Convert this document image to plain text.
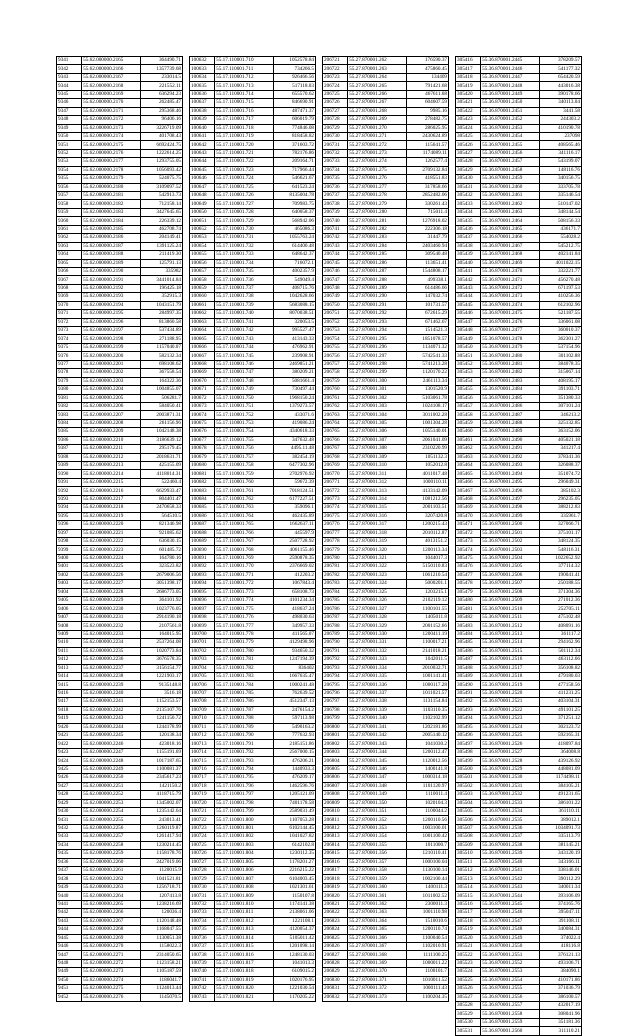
9341	55.62.000000.2165	364490.71
9342	55.62.000000.2166	1357739.68
9343	55.62.000000.2167	233014.5
9344	55.62.000000.2168	221552.11
9345	55.62.000000.2169	636294.23
9346	55.62.000000.2170	262485.47
9347	55.62.000000.2171	295368.46
9348	55.62.000000.2172	96406.16
9349	55.62.000000.2173	3226719.09
9350	55.62.000000.2174	401708.43
9351	55.62.000000.2175	6692424.75
9352	55.62.000000.2176	1222614.25
9353	55.62.000000.2177	1293755.05
9354	55.62.000000.2178	1056093.42
9355	55.62.000000.2179	524075.75
9356	55.62.000000.2180	3109097.52
9357	55.62.000000.2181	542913.73
9358	55.62.000000.2182	712158.14
9359	55.62.000000.2183	3427645.65
9360	55.62.000000.2184	226339.12
9361	55.62.000000.2185	462708.74
9362	55.62.000000.2186	204149.41
9363	55.62.000000.2187	1391125.24
9364	55.62.000000.2188	211419.30
9365	55.62.000000.2189	125791.13
9366	55.62.000000.2190	335982
9367	55.62.000000.2191	3441014.84
9368	55.62.000000.2192	196425.18
9369	55.62.000000.2193	352915.3
9370	55.62.000000.2194	1043151.79
9371	55.62.000000.2195	284997.35
9372	55.62.000000.2196	813860.58
9373	55.62.000000.2197	537434.89
9374	55.62.000000.2198	271188.95
9375	55.62.000000.2199	1157040.07
9376	55.62.000000.2200	582132.34
9377	55.62.000000.2201	698108.62
9378	55.62.000000.2202	367558.54
9379	55.62.000000.2203	164322.36
9380	55.62.000000.2204	1004855.07
9381	55.62.000000.2205	506281.7
9382	55.62.000000.2206	584050.41
9383	55.62.000000.2207	2003871.31
9384	55.62.000000.2208	261156.96
9385	55.62.000000.2209	1042148.38
9386	55.62.000000.2210	3186639.12
9387	55.62.000000.2211	295179.45
9388	55.62.000000.2212	2018631.71
9389	55.62.000000.2213	425155.09
9390	55.62.000000.2214	4118014.31
9391	55.62.000000.2215	522460.4
9392	55.62.000000.2216	6629933.47
9393	55.62.000000.2217	804401.47
9394	55.62.000000.2218	2470658.33
9395	55.62.000000.2219	564510.5
9396	55.62.000000.2220	821346.98
9397	55.62.000000.2221	921085.62
9398	55.62.000000.2222	636030.15
9399	55.62.000000.2223	601485.72
9400	55.62.000000.2224	164780.16
9401	55.62.000000.2225	323523.82
9402	55.62.000000.2226	2679006.56
9403	55.62.000000.2227	3051398.17
9404	55.62.000000.2228	2686773.05
9405	55.62.000000.2229	364101.92
9406	55.62.000000.2230	1023776.05
9407	55.62.000000.2231	2914190.18
9408	55.62.000000.2232	2107561.8
9409	55.62.000000.2233	164015.95
9410	55.62.000000.2234	2537264.08
9411	55.62.000000.2235	1020773.84
9412	55.62.000000.2236	3676578.35
9413	55.62.000000.2237	3156154.77
9414	55.62.000000.2238	1221903.17
9415	55.62.000000.2239	9135148.8
9416	55.62.000000.2240	3516.18
9417	55.62.000000.2241	1152153.57
9418	55.62.000000.2242	2135107.76
9419	55.62.000000.2243	1241150.72
9420	55.62.000000.2244	1244178.99
9421	55.62.000000.2245	120138.34
9422	55.62.000000.2246	423018.16
9423	55.62.000000.2247	1155191.69
9424	55.62.000000.2248	1017187.65
9425	55.62.000000.2249	1100081.37
9426	55.62.000000.2250	2345617.23
9427	55.62.000000.2251	1421150.2
9428	55.62.000000.2252	4118715.79
9429	55.62.000000.2253	1345002.07
9430	55.62.000000.2254	1235142.64
9431	55.62.000000.2255	243013.41
9432	55.62.000000.2256	1260119.87
9433	55.62.000000.2257	1261417.94
9434	55.62.000000.2258	1230214.45
9435	55.62.000000.2259	1158178.76
9436	55.62.000000.2260	2427019.06
9437	55.62.000000.2261	1120015.9
9438	55.62.000000.2262	1041521.81
9439	55.62.000000.2263	1256718.71
9440	55.62.000000.2264	1207413.8
9441	55.62.000000.2265	1238216.69
9442	55.62.000000.2266	120036.4
9443	55.62.000000.2267	1120148.48
9444	55.62.000000.2268	1168047.55
9445	55.62.000000.2269	1130051.38
9446	55.62.000000.2270	1158022.3
9447	55.62.000000.2271	2314050.65
9448	55.62.000000.2272	1123158.21
9449	55.62.000000.2273	1105187.59
9450	55.62.000000.2274	1186041.7
9451	55.62.000000.2275	1124013.44
9452	55.62.000000.2276	1145070.5
100632	55.17.110001.710	1052578.84
100633	55.17.110001.711	734266.5
100634	55.17.110001.712	926466.56
100635	55.17.110001.713	517118.03
100636	55.17.110001.714	655570.62
100637	55.17.110001.715	846690.91
100638	55.17.110001.716	487471.37
100639	55.17.110001.717	606019.79
100640	55.17.110001.718	774846.08
100641	55.17.110001.719	818458.82
100642	55.17.110001.720	371603.72
100643	55.17.110001.721	782176.86
100644	55.17.110001.722	209164.71
100645	55.17.110001.723	717966.44
100646	55.17.110001.724	546621.67
100647	55.17.110001.725	641523.24
100648	55.17.110001.726	8135004.78
100649	55.17.110001.727	709983.75
100650	55.17.110001.728	640058.37
100651	55.17.110001.729	568942.06
100652	55.17.110001.730	465086.3
100653	55.17.110001.731	1055763.24
100654	55.17.110001.732	614400.48
100655	55.17.110001.733	648642.37
100656	55.17.110001.734	716072.1
100657	55.17.110001.735	4002357.9
100658	55.17.110001.736	549049.4
100659	55.17.110001.737	408715.76
100660	55.17.110001.738	1042628.66
100661	55.17.110001.739	5683088.15
100662	55.17.110001.740	8070038.51
100663	55.17.110001.741	320053.5
100664	55.17.110001.742	995527.47
100665	55.17.110001.743	413143.33
100666	55.17.110001.744	476962.91
100667	55.17.110001.745	239908.91
100668	55.17.110001.746	2469851.21
100669	55.17.110001.747	380209.21
100670	55.17.110001.748	5081661.4
100671	55.17.110001.749	730497.44
100672	55.17.110001.750	1968150.24
100673	55.17.110001.751	1379273.57
100674	55.17.110001.752	433071.6
100675	55.17.110001.753	419086.24
100676	55.17.110001.754	4340618.33
100677	55.17.110001.755	347632.48
100678	55.17.110001.756	4495.11.48
100679	55.17.110001.757	382454.19
100680	55.17.110001.758	6477302.96
100681	55.17.110001.759	2702976.92
100682	55.17.110001.760	59672.39
100683	55.17.110001.761	7018124.51
100684	55.17.110001.762	6177227.51
100685	55.17.110001.763	359096.1
100686	55.17.110001.764	462435.89
100687	55.17.110001.765	1662637.11
100688	55.17.110001.766	445597.9
100689	55.17.110001.767	2507728.92
100690	55.17.110001.768	4061155.46
100691	55.17.110001.769	2590878.35
100692	55.17.110001.770	2376669.02
100693	55.17.110001.771	412203.2
100694	55.17.110001.772	1067843.4
100695	55.17.110001.773	658108.73
100696	55.17.110001.774	4101234.34
100697	55.17.110001.775	418637.24
100698	55.17.110001.776	498030.63
100699	55.17.110001.777	349957.33
100700	55.17.110001.778	411565.07
100701	55.17.110001.779	4129498.96
100702	55.17.110001.780	934650.32
100703	55.17.110001.781	1247194.39
100704	55.17.110001.782	836402
100705	55.17.110001.783	1667635.47
100706	55.17.110001.784	1000241.48
100707	55.17.110001.785	762639.52
100708	55.17.110001.786	4512347.13
100709	55.17.110001.787	2476154.2
100710	55.17.110001.788	597113.98
100711	55.17.110001.789	5490163.2
100712	55.17.110001.790	777632.93
100713	55.17.110001.791	2185151.86
100714	55.17.110001.792	2567000.15
100715	55.17.110001.793	476206.21
100716	55.17.110001.794	1440933.3
100717	55.17.110001.795	476209.17
100718	55.17.110001.796	1462596.76
100719	55.17.110001.797	1205121.09
100720	55.17.110001.798	7401178.58
100721	55.17.110001.799	2589031.49
100722	55.17.110001.800	1107053.28
100723	55.17.110001.801	6102144.45
100724	55.17.110001.802	1041027.82
100725	55.17.110001.803	6142102.8
100726	55.17.110001.804	1230112.35
100727	55.17.110001.805	1178201.27
100728	55.17.110001.806	2216215.22
100729	55.17.110001.807	6104003.45
100730	55.17.110001.808	1021301.61
100731	55.17.110001.809	1150107.8
100732	55.17.110001.810	1174141.38
100733	55.17.110001.811	2138061.06
100734	55.17.110001.812	1221108.1
100735	55.17.110001.813	4120054.37
100736	55.17.110001.814	5105011.42
100737	55.17.110001.815	1201098.14
100738	55.17.110001.816	1248130.03
100739	55.17.110001.817	1041013.3
100740	55.17.110001.818	6109015.2
100741	55.17.110001.819	1020176.95
100742	55.17.110001.820	1221030.54
100743	55.17.110001.821	1170205.22
206721	55.27.870001.262	176590.37
206722	55.27.870001.263	475860.45
206723	55.27.870001.264	134409
206724	55.27.870001.265	791421.68
206725	55.27.870001.266	467611.68
206726	55.27.870001.267	604607.59
206727	55.27.870001.268	9985.16
206728	55.27.870001.269	278482.75
206729	55.27.870001.270	286025.95
206730	55.27.870001.271	2430624.89
206731	55.27.870001.272	115641.57
206732	55.27.870001.273	1174089.11
206733	55.27.870001.274	1262577.4
206734	55.27.870001.275	2709132.84
206735	55.27.870001.276	418551.83
206736	55.27.870001.277	317858.66
206737	55.27.870001.278	2852482.06
206738	55.27.870001.279	330261.43
206739	55.27.870001.280	715011.4
206740	55.27.870001.281	1276918.02
206741	55.27.870001.282	222306.18
206742	55.27.870001.283	31447.79
206743	55.27.870001.284	2403460.94
206744	55.27.870001.285	309540.48
206745	55.27.870001.286	113651.41
206746	55.27.870001.287	1544808.17
206747	55.27.870001.288	499338.1
206748	55.27.870001.289	614486.66
206749	55.27.870001.290	147032.74
206750	55.27.870001.291	101731.57
206751	55.27.870001.292	672615.29
206752	55.27.870001.293	671462.67
206753	55.27.870001.294	1514521.3
206754	55.27.870001.295	1851078.57
206755	55.27.870001.296	1134071.32
206756	55.27.870001.297	5742541.33
206757	55.27.870001.298	5741213.28
206758	55.27.870001.299	1120170.22
206759	55.27.870001.300	2461113.34
206760	55.27.870001.301	1301520.9
206761	55.27.870001.302	5103061.78
206762	55.27.870001.303	1024108.17
206763	55.27.870001.304	3011002.28
206764	55.27.870001.305	1001304.28
206765	55.27.870001.306	1055140.01
206766	55.27.870001.307	2061041.09
206767	55.27.870001.308	2310220.99
206768	55.27.870001.309	1051132.3
206769	55.27.870001.310	1052012.8
206770	55.27.870001.311	4011017.48
206771	55.27.870001.312	1000110.11
206772	55.27.870001.313	4133142.09
206773	55.27.870001.314	1081212.56
206774	55.27.870001.315	2001103.51
206775	55.27.870001.316	3207420.8
206776	55.27.870001.317	1200215.43
206777	55.27.870001.318	2010112.87
206778	55.27.870001.319	4013151.2
206779	55.27.870001.320	1200113.34
206780	55.27.870001.321	1044017.3
206781	55.27.870001.322	5150110.83
206782	55.27.870001.323	1061210.54
206783	55.27.870001.324	5000201.1
206784	55.27.870001.325	1203215.1
206785	55.27.870001.326	2102119.12
206786	55.27.870001.327	1100101.55
206787	55.27.870001.328	1405011.8
206788	55.27.870001.329	2001152.66
206789	55.27.870001.330	1200411.19
206790	55.27.870001.331	1100017.21
206791	55.27.870001.332	2141018.21
206792	55.27.870001.333	1042011.5
206793	55.27.870001.334	2010032.71
206794	55.27.870001.335	1001141.41
206795	55.27.870001.336	1000117.28
206796	55.27.870001.337	1011021.57
206797	55.27.870001.338	1131154.84
206798	55.27.870001.339	1103110.35
206799	55.27.870001.340	1102102.99
206800	55.27.870001.341	1202181.86
206801	55.27.870001.342	2005140.12
206802	55.27.870001.343	1041030.2
206803	55.27.870001.344	1200112.47
206804	55.27.870001.345	1120012.56
206805	55.27.870001.346	1400141.8
206806	55.27.870001.347	1000314.18
206807	55.27.870001.348	1101120.97
206808	55.27.870001.349	1110011.4
206809	55.27.870001.350	1020104.3
206810	55.27.870001.351	1100044.2
206811	55.27.870001.352	1200110.56
206812	55.27.870001.353	1003100.01
206813	55.27.870001.354	1001100.42
206814	55.27.870001.355	1011000.7
206815	55.27.870001.356	1210110.41
206816	55.27.870001.357	1000100.04
206817	55.27.870001.358	1130100.14
206818	55.27.870001.359	1002100.44
206819	55.27.870001.360	1400111.3
206820	55.27.870001.361	1011002.52
206821	55.27.870001.362	2300011.3
206822	55.27.870001.363	1001110.98
206823	55.27.870001.364	1510010.6
206824	55.27.870001.365	1200110.74
206825	55.27.870001.366	1100040.54
206826	55.27.870001.367	1102010.91
206827	55.27.870001.368	1111100.25
206828	55.27.870001.369	1000011.22
206829	55.27.870001.370	1100101.7
206830	55.27.870001.371	1010011.52
206831	55.27.870001.372	1000111.43
206832	55.27.870001.373	1100204.35
305416	55.36.870001.2445	378209.57
305417	55.36.870001.2446	541177.32
305418	55.36.870001.2447	654420.59
305419	55.36.870001.2448	443016.38
305420	55.36.870001.2449	390178.66
305421	55.36.870001.2450	340113.04
305422	55.36.870001.2451	3441.58
305423	55.36.870001.2452	244303.2
305424	55.36.870001.2453	410190.78
305425	55.36.870001.2454	237098
305426	55.36.870001.2455	408565.46
305427	55.36.870001.2456	341116.17
305428	55.36.870001.2457	543199.07
305429	55.36.870001.2458	148116.76
305430	55.36.870001.2459	340156.75
305431	55.36.870001.2460	333705.78
305432	55.36.870001.2461	335146.54
305433	55.36.870001.2462	510147.02
305434	55.36.870001.2463	348144.54
305435	55.36.870001.2464	508156.33
305436	55.36.870001.2465	436171.7
305437	55.36.870001.2466	554028.2
305438	55.36.870001.2467	545212.75
305439	55.36.870001.2468	402141.84
305440	55.36.870001.2469	4011022.15
305441	55.36.870001.2470	332221.77
305442	55.36.870001.2471	456270.48
305443	55.36.870001.2472	671197.53
305444	55.36.870001.2473	410256.36
305445	55.36.870001.2474	612102.96
305446	55.36.870001.2475	521187.55
305447	55.36.870001.2476	336061.08
305448	55.36.870001.2477	360010.37
305449	55.36.870001.2478	362301.27
305450	55.36.870001.2479	537154.96
305451	55.36.870001.2480	301102.88
305452	55.36.870001.2481	384078.35
305453	55.36.870001.2482	315067.14
305454	55.36.870001.2483	408195.17
305455	55.36.870001.2484	391103.71
305456	55.36.870001.2485	351380.33
305457	55.36.870001.2486	307101.24
305458	55.36.870001.2487	346213.2
305459	55.36.870001.2488	325132.85
305460	55.36.870001.2489	363152.06
305461	55.36.870001.2490	405021.18
305462	55.36.870001.2491	341217.4
305463	55.36.870001.2492	378341.36
305464	55.36.870001.2493	326088.37
305465	55.36.870001.2494	351074.72
305466	55.36.870001.2495	296049.31
305467	55.36.870001.2496	385102.3
305468	55.36.870001.2497	296235.05
305469	55.36.870001.2498	388212.83
305470	55.36.870001.2499	335961.7
305471	55.36.870001.2500	327066.71
305472	55.36.870001.2501	375101.17
305473	55.36.870001.2502	348124.35
305474	55.36.870001.2503	548116.31
305475	55.36.870001.2504	1022652.92
305476	55.36.870001.2505	377114.32
305477	55.36.870001.2506	190041.41
305478	55.36.870001.2507	250188.55
305479	55.36.870001.2508	371304.36
305480	55.36.870001.2509	271012.36
305481	55.36.870001.2510	252705.11
305482	55.36.870001.2511	475102.48
305483	55.36.870001.2512	408091.16
305484	55.36.870001.2513	361117.2
305485	55.36.870001.2514	294162.96
305486	55.36.870001.2515	501112.34
305487	55.36.870001.2516	463112.66
305488	55.36.870001.2517	356108.82
305489	55.36.870001.2518	479180.03
305490	55.36.870001.2519	477158.56
305491	55.36.870001.2520	411231.25
305492	55.36.870001.2521	403104.31
305493	55.36.870001.2522	491101.25
305494	55.36.870001.2523	371251.12
305495	55.36.870001.2524	302123.72
305496	55.36.870001.2525	592165.31
305497	55.36.870001.2526	418097.84
305498	55.36.870001.2527	364008.8
305499	55.36.870001.2528	439126.92
305500	55.36.870001.2529	448081.09
305501	55.36.870001.2530	1174498.11
305502	55.36.870001.2531	384105.21
305503	55.36.870001.2532	491231.65
305504	55.36.870001.2533	386101.22
305505	55.36.870001.2534	361110.11
305506	55.36.870001.2535	389012.1
305507	55.36.870001.2536	1034091.73
305508	55.36.870001.2537	335113.79
305509	55.36.870001.2538	381145.21
305510	55.36.870001.2539	343120.19
305511	55.36.870001.2540	343166.11
305512	55.36.870001.2541	338146.01
305513	55.36.870001.2542	390112.29
305514	55.36.870001.2543	340011.34
305515	55.36.870001.2544	393106.09
305516	55.36.870001.2545	374165.76
305517	55.36.870001.2546	395047.11
305518	55.36.870001.2547	391108.11
305519	55.36.870001.2548	340084.31
305520	55.36.870001.2549	374022.4
305521	55.36.870001.2550	418116.8
305522	55.36.870001.2551	376121.13
305523	55.36.870001.2552	493106.71
305524	55.36.870001.2553	384090.1
305525	55.36.870001.2554	410171.86
305526	55.36.870001.2555	371036.79
305527	55.36.870001.2556	386100.57
305528	55.36.870001.2557	432017.19
305529	55.36.870001.2558	308041.96
305530	55.36.870001.2559	351181.36
305531	55.36.870001.2560	311110.21
